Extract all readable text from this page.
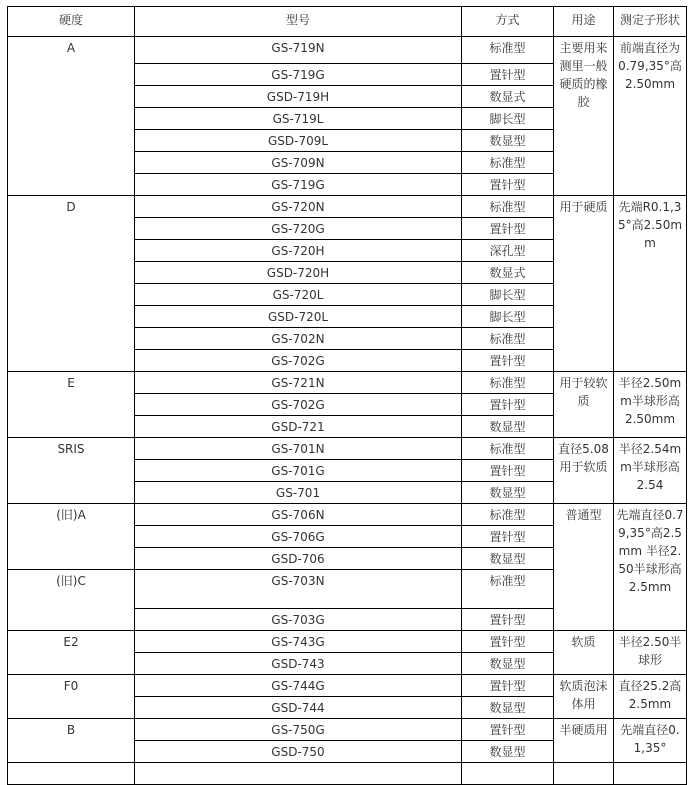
硬度	型号	方式	用途	测定子形状
A	GS-719N	标准型	主要用来测里一般硬质的橡胶	前端直径为0.79,35°高2.50mm
	GS-719G	置针型		
	GSD-719H	数显式		
	GS-719L	脚长型		
	GSD-709L	数显型		
	GS-709N	标准型		
	GS-719G	置针型		
D	GS-720N	标准型	用于硬质	先端R0.1,35°高2.50mm
	GS-720G	置针型		
	GS-720H	深孔型		
	GSD-720H	数显式		
	GS-720L	脚长型		
	GSD-720L	脚长型		
	GS-702N	标准型		
	GS-702G	置针型		
E	GS-721N	标准型	用于较软质	半径2.50mm半球形高2.50mm
	GS-702G	置针型		
	GSD-721	数显型		
SRIS	GS-701N	标准型	直径5.08用于软质	半径2.54mm半球形高2.54
	GS-701G	置针型		
	GS-701	数显型		
(旧)A	GS-706N	标准型	普通型	先端直径0.79,35°高2.5mm 半径2.50半球形高2.5mm
	GS-706G	置针型		
	GSD-706	数显型		
(旧)C	GS-703N	标准型		
	GS-703G	置针型		
E2	GS-743G	置针型	软质	半径2.50半球形
	GSD-743	数显型		
F0	GS-744G	置针型	软质泡沫体用	直径25.2高2.5mm
	GSD-744	数显型		
B	GS-750G	置针型	半硬质用	先端直径0.1,35°
	GSD-750	数显型		
